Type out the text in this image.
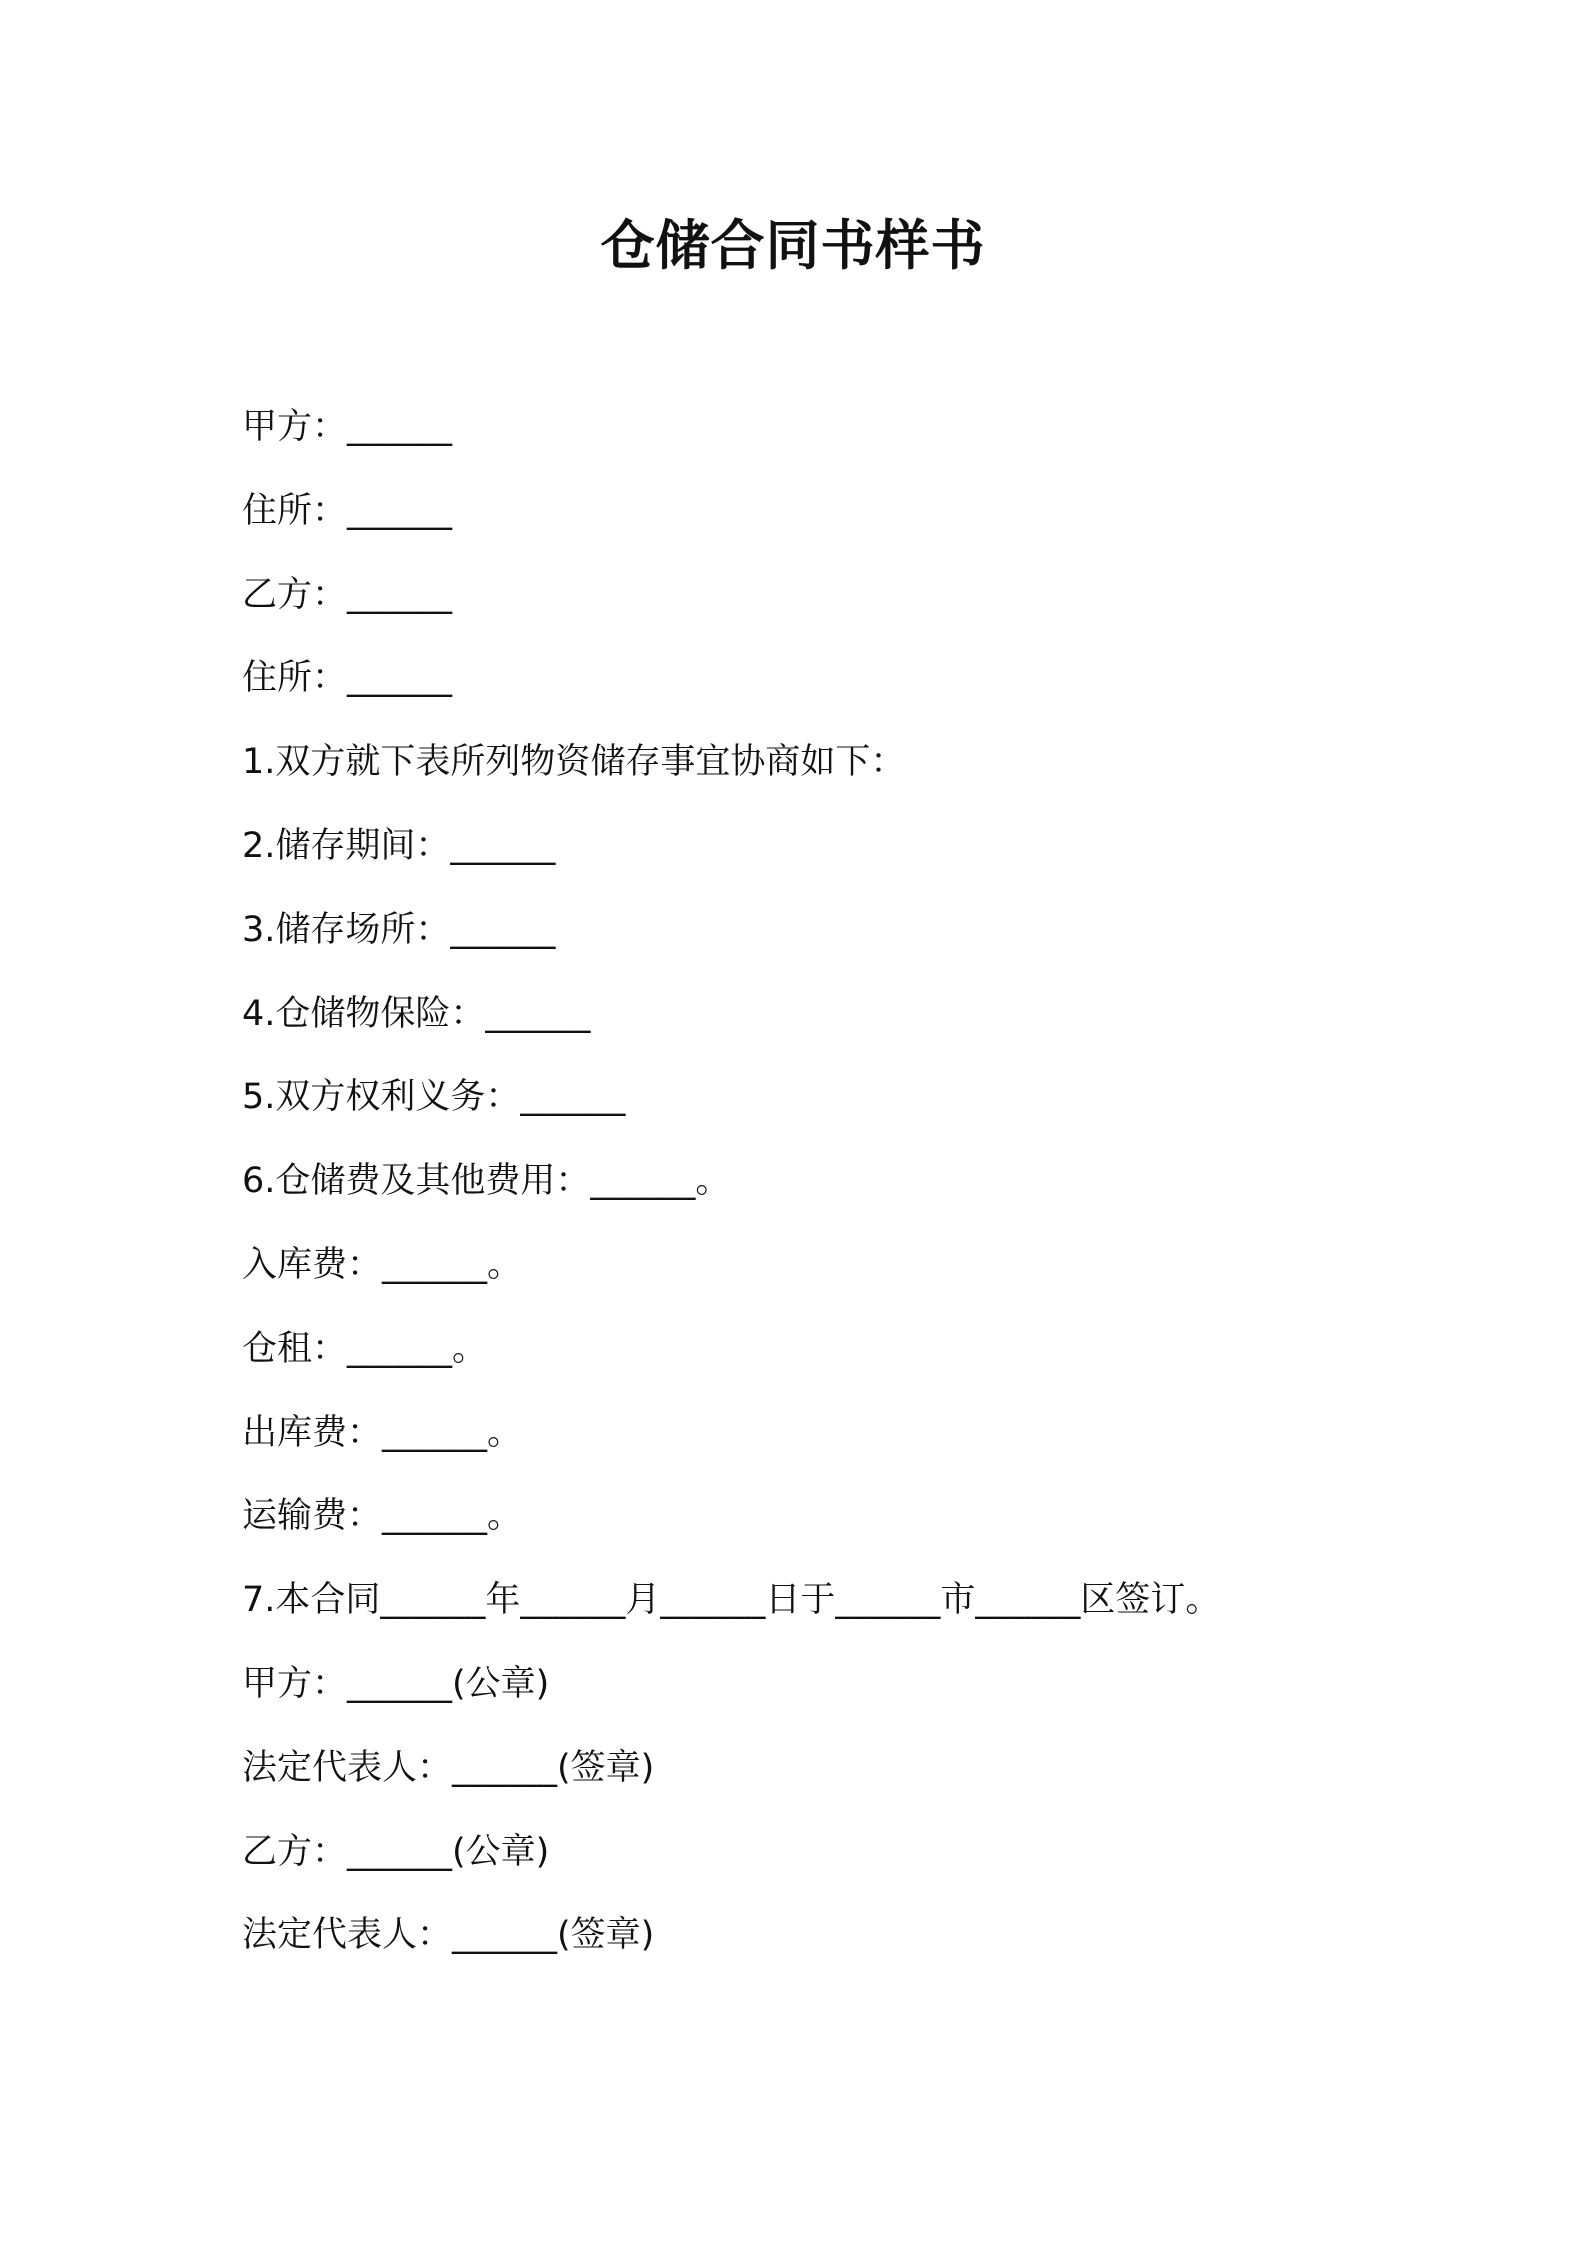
仓储合同书样书
甲方：______
住所：______
乙方：______
住所：______
1.双方就下表所列物资储存事宜协商如下：
2.储存期间：______
3.储存场所：______
4.仓储物保险：______
5.双方权利义务：______
6.仓储费及其他费用：______。
入库费：______。
仓租：______。
出库费：______。
运输费：______。
7.本合同______年______月______日于______市______区签订。
甲方：______(公章)
法定代表人：______(签章)
乙方：______(公章)
法定代表人：______(签章)
